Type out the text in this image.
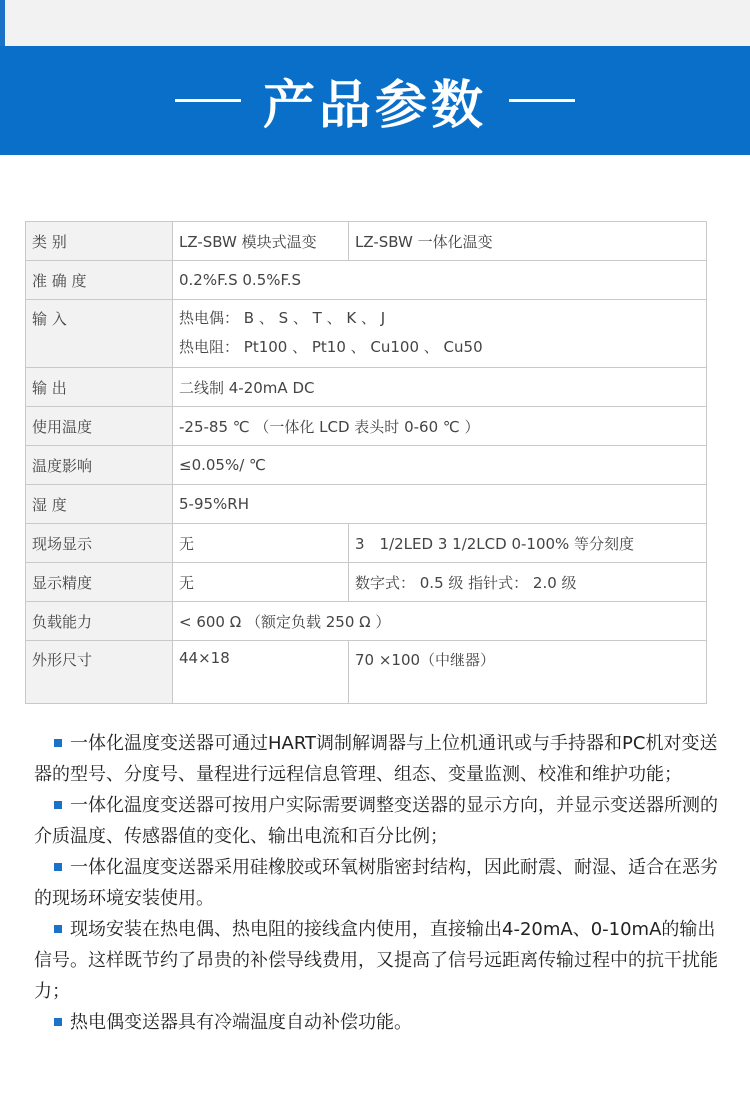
产品参数
类 别	LZ-SBW 模块式温变	LZ-SBW 一体化温变
准 确 度	0.2%F.S 0.5%F.S	
输 入	热电偶： B 、 S 、 T 、 K 、 J	
	热电阻： Pt100 、 Pt10 、 Cu100 、 Cu50	
输 出	二线制 4-20mA DC	
使用温度	-25-85 ℃ （一体化 LCD 表头时 0-60 ℃ ）	
温度影响	≤0.05%/ ℃	
湿 度	5-95%RH	
现场显示	无	3　1/2LED 3 1/2LCD 0-100% 等分刻度
显示精度	无	数字式： 0.5 级 指针式： 2.0 级
负载能力	< 600 Ω （额定负载 250 Ω ）	
外形尺寸	44×18	70 ×100（中继器）

一体化温度变送器可通过HART调制解调器与上位机通讯或与手持器和PC机对变送器的型号、分度号、量程进行远程信息管理、组态、变量监测、校准和维护功能；

一体化温度变送器可按用户实际需要调整变送器的显示方向，并显示变送器所测的介质温度、传感器值的变化、输出电流和百分比例；

一体化温度变送器采用硅橡胶或环氧树脂密封结构，因此耐震、耐湿、适合在恶劣的现场环境安装使用。

现场安装在热电偶、热电阻的接线盒内使用，直接输出4-20mA、0-10mA的输出信号。这样既节约了昂贵的补偿导线费用，又提高了信号远距离传输过程中的抗干扰能力；

热电偶变送器具有冷端温度自动补偿功能。
